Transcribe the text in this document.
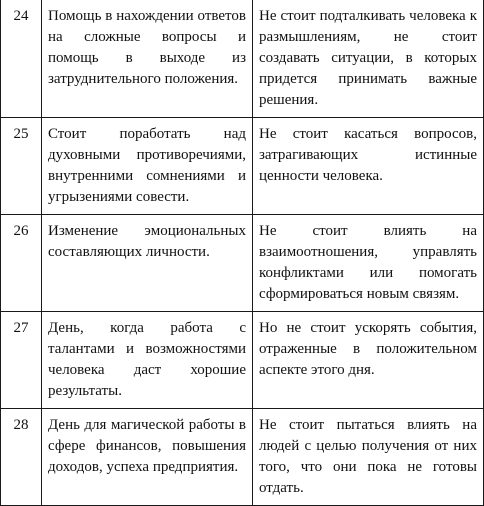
24	Помощь в нахождении ответов на сложные вопросы и помощь в выходе из затруднительного положения.	Не стоит подталкивать человека к размышлениям, не стоит создавать ситуации, в которых придется принимать важные решения.
25	Стоит поработать над духовными противоречиями, внутренними сомнениями и угрызениями совести.	Не стоит касаться вопросов, затрагивающих истинные ценности человека.
26	Изменение эмоциональных составляющих личности.	Не стоит влиять на взаимоотношения, управлять конфликтами или помогать сформироваться новым связям.
27	День, когда работа с талантами и возможностями человека даст хорошие результаты.	Но не стоит ускорять события, отраженные в положительном аспекте этого дня.
28	День для магической работы в сфере финансов, повышения доходов, успеха предприятия.	Не стоит пытаться влиять на людей с целью получения от них того, что они пока не готовы отдать.
